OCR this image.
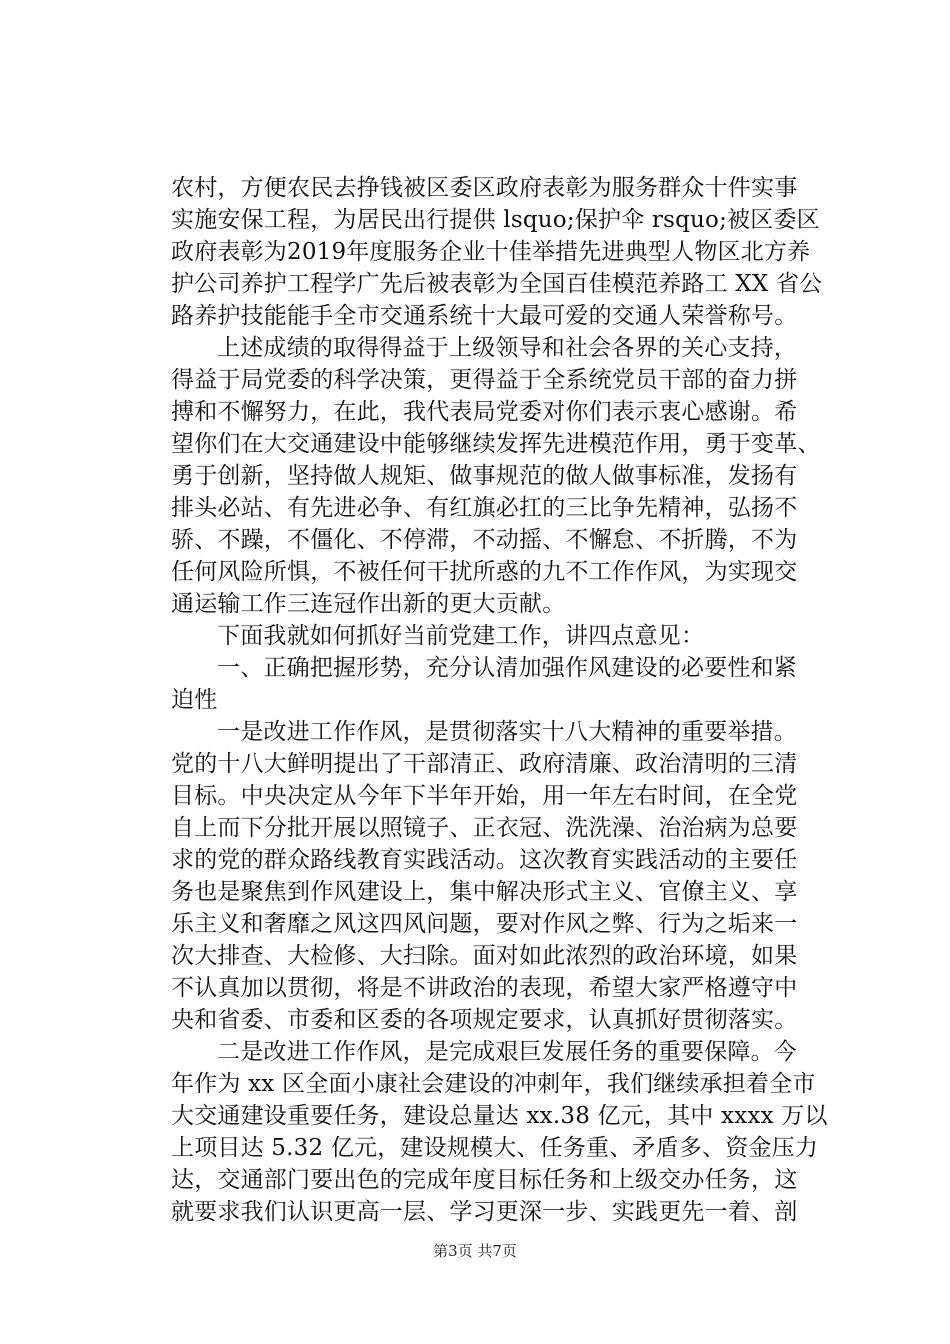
农村，方便农民去挣钱被区委区政府表彰为服务群众十件实事
实施安保工程，为居民出行提供 lsquo;保护伞 rsquo;被区委区
政府表彰为2019年度服务企业十佳举措先进典型人物区北方养
护公司养护工程学广先后被表彰为全国百佳模范养路工 XX 省公
路养护技能能手全市交通系统十大最可爱的交通人荣誉称号。
上述成绩的取得得益于上级领导和社会各界的关心支持，
得益于局党委的科学决策，更得益于全系统党员干部的奋力拼
搏和不懈努力，在此，我代表局党委对你们表示衷心感谢。希
望你们在大交通建设中能够继续发挥先进模范作用，勇于变革、
勇于创新，坚持做人规矩、做事规范的做人做事标准，发扬有
排头必站、有先进必争、有红旗必扛的三比争先精神，弘扬不
骄、不躁，不僵化、不停滞，不动摇、不懈怠、不折腾，不为
任何风险所惧，不被任何干扰所惑的九不工作作风，为实现交
通运输工作三连冠作出新的更大贡献。
下面我就如何抓好当前党建工作，讲四点意见：
一、正确把握形势，充分认清加强作风建设的必要性和紧
迫性
一是改进工作作风，是贯彻落实十八大精神的重要举措。
党的十八大鲜明提出了干部清正、政府清廉、政治清明的三清
目标。中央决定从今年下半年开始，用一年左右时间，在全党
自上而下分批开展以照镜子、正衣冠、洗洗澡、治治病为总要
求的党的群众路线教育实践活动。这次教育实践活动的主要任
务也是聚焦到作风建设上，集中解决形式主义、官僚主义、享
乐主义和奢靡之风这四风问题，要对作风之弊、行为之垢来一
次大排查、大检修、大扫除。面对如此浓烈的政治环境，如果
不认真加以贯彻，将是不讲政治的表现，希望大家严格遵守中
央和省委、市委和区委的各项规定要求，认真抓好贯彻落实。
二是改进工作作风，是完成艰巨发展任务的重要保障。今
年作为 xx 区全面小康社会建设的冲刺年，我们继续承担着全市
大交通建设重要任务，建设总量达 xx.38 亿元，其中 xxxx 万以
上项目达 5.32 亿元，建设规模大、任务重、矛盾多、资金压力
达，交通部门要出色的完成年度目标任务和上级交办任务，这
就要求我们认识更高一层、学习更深一步、实践更先一着、剖
第3页 共7页
